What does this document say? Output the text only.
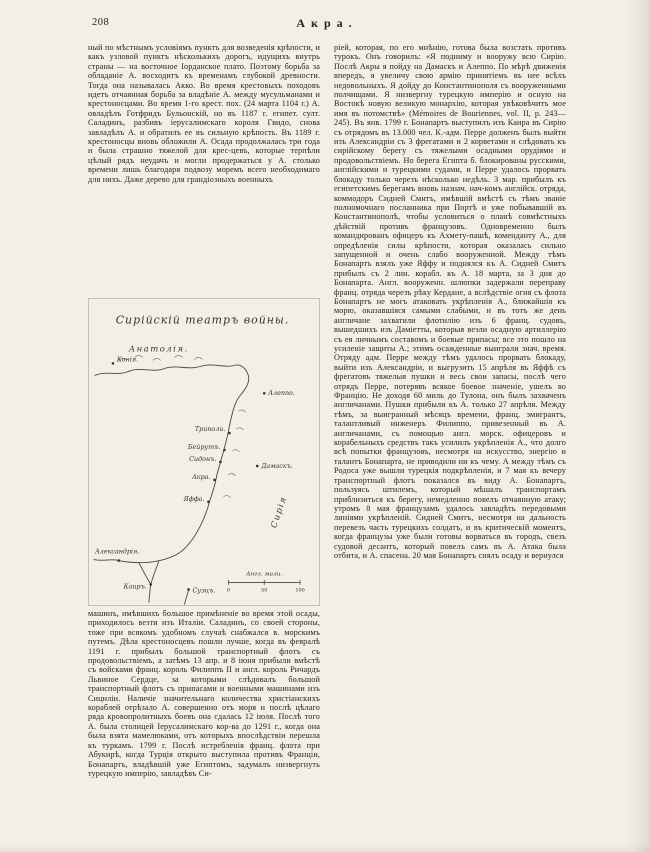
208	Акра.

ный по мѣстнымъ условіямъ пунктъ для возведенія крѣпости, и какъ узловой пунктъ нѣсколькихъ дорогъ, идущихъ внутрь страны — на восточное Іорданское плато. Поэтому борьба за обладаніе А. восходитъ къ временамъ глубокой древности. Тогда она называлась Акко. Во время крестовыхъ походовъ идетъ отчаянная борьба за владѣніе А. между мусульманами и крестоносцами. Во время 1-го крест. пох. (24 марта 1104 г.) А. овладѣлъ Готфридъ Бульонскій, но въ 1187 г. египет. султ. Саладинъ, разбивъ іерусалимскаго короля Гвидо, снова завладѣлъ А. и обратилъ ее въ сильную крѣпость. Въ 1189 г. крестоносцы вновь обложили А. Осада продолжалась три года и была страшно тяжелой для крес-цевъ, которые терпѣли цѣлый рядъ неудачъ и могли продержаться у А. столько времени лишь благодаря подвозу моремъ всего необходимаго для нихъ. Даже дерево для грандіозныхъ военныхъ

Сирійскій театръ войны.
Анатолія.
Сирія
Конія.
Алеппо.
Триполи.
Бейрутъ.
Сидонъ.
Дамаскъ.
Акра.
Яффа.
Александрія.
Каиръ.	Суэцъ.
Англ. мили.
0	50	100

машинъ, имѣвшихъ большое примѣненіе во время этой осады, приходилось везти изъ Италіи. Саладинъ, со своей стороны, тоже при всякомъ удобномъ случаѣ снабжался в. морскимъ путемъ. Дѣла крестоносцевъ пошли лучше, когда въ февралѣ 1191 г. прибылъ большой транспортный флотъ съ продовольствіемъ, а затѣмъ 13 апр. и 8 іюня прибыли вмѣстѣ съ войсками франц. король Филиппъ II и англ. король Ричардъ Львиное Сердце, за которыми слѣдовалъ большой транспортный флотъ съ припасами и военными машинами изъ Сициліи. Наличіе значительнаго количества христіанскихъ кораблей отрѣзало А. совершенно отъ моря и послѣ цѣлаго ряда кровопролитныхъ боевъ она сдалась 12 іюля. Послѣ того А. была столицей Іерусалимскаго кор-ва до 1291 г., когда она была взята мамелюками, отъ которыхъ впослѣдствіи перешла къ туркамъ. 1799 г. Послѣ истребленія франц. флота при Абукирѣ, когда Турція открыто выступила противъ Франціи, Бонапартъ, владѣвшій уже Египтомъ, задумалъ низвергнуть турецкую имперію, завладѣвъ Си-

ріей, которая, по его мнѣнію, готова была возстать противъ турокъ. Онъ говорилъ: «Я подниму и вооружу всю Сирію. Послѣ Акры я пойду на Дамаскъ и Алеппо. По мѣрѣ движенія впередъ, я увеличу свою армію принятіемъ въ нее всѣхъ недовольныхъ. Я дойду до Константинополя съ вооруженными полчищами. Я низвергну турецкую имперію и осную на Востокѣ новую великую монархію, которая увѣковѣчитъ мое имя въ потомствѣ» (Mémoires de Bouriennes, vol. II, p. 243—245). Въ янв. 1799 г. Бонапартъ выступилъ изъ Каира въ Сирію съ отрядомъ въ 13.000 чел. К.-адм. Перре долженъ былъ выйти изъ Александріи съ 3 фрегатами и 2 корветами и слѣдовать къ сирійскому берегу съ тяжелыми осадными орудіями и продовольствіемъ. Но берега Египта б. блокированы русскими, англійскими и турецкими судами, и Перре удалось прорвать блокаду только черезъ нѣсколько недѣль. 3 мар. прибылъ къ египетскимъ берегамъ вновь назнач. нач-комъ англійск. отряда, коммодоръ Сидней Смитъ, имѣвшій вмѣстѣ съ тѣмъ званіе полномочнаго посланника при Портѣ и уже побывавшій въ Константинополѣ, чтобы условиться о планѣ совмѣстныхъ дѣйствій противъ французовъ. Одновременно былъ командированъ офицеръ къ Ахмету-пашѣ, коменданту А., для опредѣленія силы крѣпости, которая оказалась сильно запущенной и очень слабо вооруженной. Между тѣмъ Бонапартъ взялъ уже Яффу и поднялся къ А. Сидней Смитъ прибылъ съ 2 лин. корабл. къ А. 18 марта, за 3 дня до Бонапарта. Англ. вооруженн. шлюпки задержали переправу франц. отряда черезъ рѣку Кердане, а вслѣдствіе огня съ флота Бонапартъ не могъ атаковать укрѣпленія А., ближайшія къ морю, оказавшіяся самыми слабыми, и въ тотъ же день англичане захватили флотилію изъ 6 франц. судовъ, вышедшихъ изъ Даміетты, которыя везли осадную артиллерію съ ея личнымъ составомъ и боевые припасы; все это пошло на усиленіе защиты А.; этимъ осажденные выиграли знач. время. Отряду адм. Перре между тѣмъ удалось прорвать блокаду, выйти изъ Александріи, и выгрузить 15 апрѣля въ Яффѣ съ фрегатовъ тяжелыя пушки и весь свои запасы, послѣ чего отрядъ Перре, потерявъ всякое боевое значеніе, ушелъ во Францію. Не доходя 60 миль до Тулона, онъ былъ захваченъ англичанами. Пушки прибыли къ А. только 27 апрѣля. Между тѣмъ, за выигранный мѣсяцъ времени, франц. эмигрантъ, талантливый инженеръ Филиппо, привезенный въ А. англичанами, съ помощью англ. морск. офицеровъ и корабельныхъ средствъ такъ усилилъ укрѣпленія А., что долго всѣ попытки французовъ, несмотря на искусство, энергію и талантъ Бонапарта, не приводили ни къ чему. А между тѣмъ съ Родоса уже вышли турецкія подкрѣпленія, и 7 мая къ вечеру транспортный флотъ показался въ виду А. Бонапартъ, пользуясь штилемъ, который мѣшалъ транспортамъ приблизиться къ берегу, немедленно повелъ отчаянную атаку; утромъ 8 мая французамъ удалось завладѣть передовыми линіями укрѣпленій. Сидней Смитъ, несмотря на дальность перевезъ часть турецкихъ солдатъ, и въ критическій моментъ, когда французы уже были готовы ворваться въ городъ, свезъ судовой десантъ, который повелъ самъ въ А. Атака была отбита, и А. спасена. 20 мая Бонапартъ снялъ осаду и вернулся
